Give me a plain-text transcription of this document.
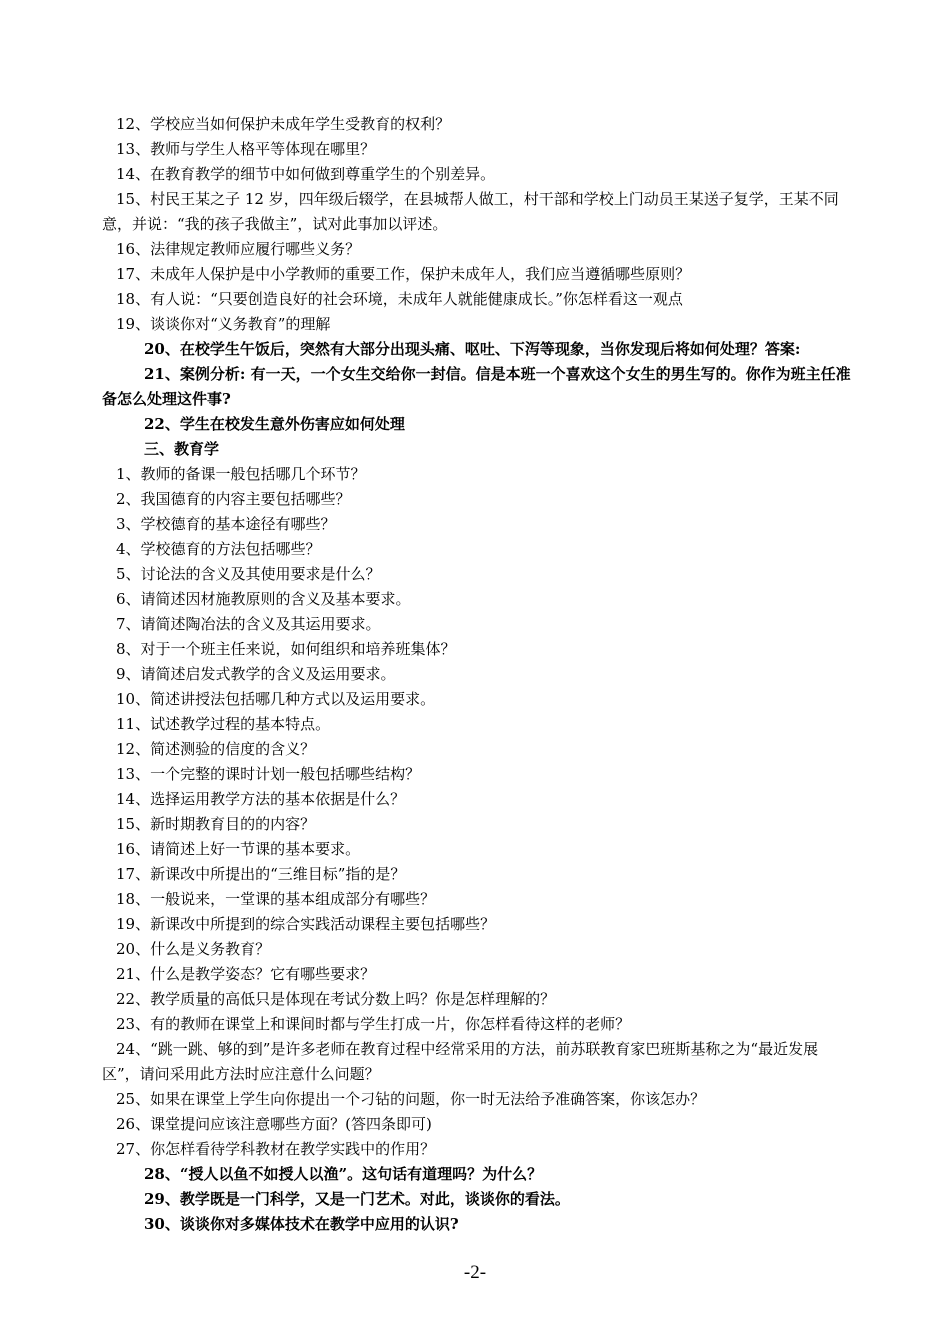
12、学校应当如何保护未成年学生受教育的权利？
13、教师与学生人格平等体现在哪里？
14、在教育教学的细节中如何做到尊重学生的个别差异。
15、村民王某之子 12 岁，四年级后辍学，在县城帮人做工，村干部和学校上门动员王某送子复学，王某不同意，并说：“我的孩子我做主”，试对此事加以评述。
16、法律规定教师应履行哪些义务？
17、未成年人保护是中小学教师的重要工作，保护未成年人，我们应当遵循哪些原则？
18、有人说：“只要创造良好的社会环境，未成年人就能健康成长。”你怎样看这一观点
19、谈谈你对“义务教育”的理解
20、在校学生午饭后，突然有大部分出现头痛、呕吐、下泻等现象，当你发现后将如何处理？答案:
21、案例分析: 有一天，一个女生交给你一封信。信是本班一个喜欢这个女生的男生写的。你作为班主任准备怎么处理这件事?
22、学生在校发生意外伤害应如何处理
三、教育学
1、教师的备课一般包括哪几个环节？
2、我国德育的内容主要包括哪些？
3、学校德育的基本途径有哪些？
4、学校德育的方法包括哪些？
5、讨论法的含义及其使用要求是什么？
6、请简述因材施教原则的含义及基本要求。
7、请简述陶冶法的含义及其运用要求。
8、对于一个班主任来说，如何组织和培养班集体？
9、请简述启发式教学的含义及运用要求。
10、简述讲授法包括哪几种方式以及运用要求。
11、试述教学过程的基本特点。
12、简述测验的信度的含义？
13、一个完整的课时计划一般包括哪些结构？
14、选择运用教学方法的基本依据是什么？
15、新时期教育目的的内容？
16、请简述上好一节课的基本要求。
17、新课改中所提出的“三维目标”指的是？
18、一般说来，一堂课的基本组成部分有哪些？
19、新课改中所提到的综合实践活动课程主要包括哪些？
20、什么是义务教育？
21、什么是教学姿态？它有哪些要求？
22、教学质量的高低只是体现在考试分数上吗？你是怎样理解的？
23、有的教师在课堂上和课间时都与学生打成一片，你怎样看待这样的老师？
24、“跳一跳、够的到”是许多老师在教育过程中经常采用的方法，前苏联教育家巴班斯基称之为“最近发展区”，请问采用此方法时应注意什么问题？
25、如果在课堂上学生向你提出一个刁钻的问题，你一时无法给予准确答案，你该怎办？
26、课堂提问应该注意哪些方面？(答四条即可)
27、你怎样看待学科教材在教学实践中的作用？
28、“授人以鱼不如授人以渔”。这句话有道理吗？为什么？
29、教学既是一门科学，又是一门艺术。对此，谈谈你的看法。
30、谈谈你对多媒体技术在教学中应用的认识?
-2-
